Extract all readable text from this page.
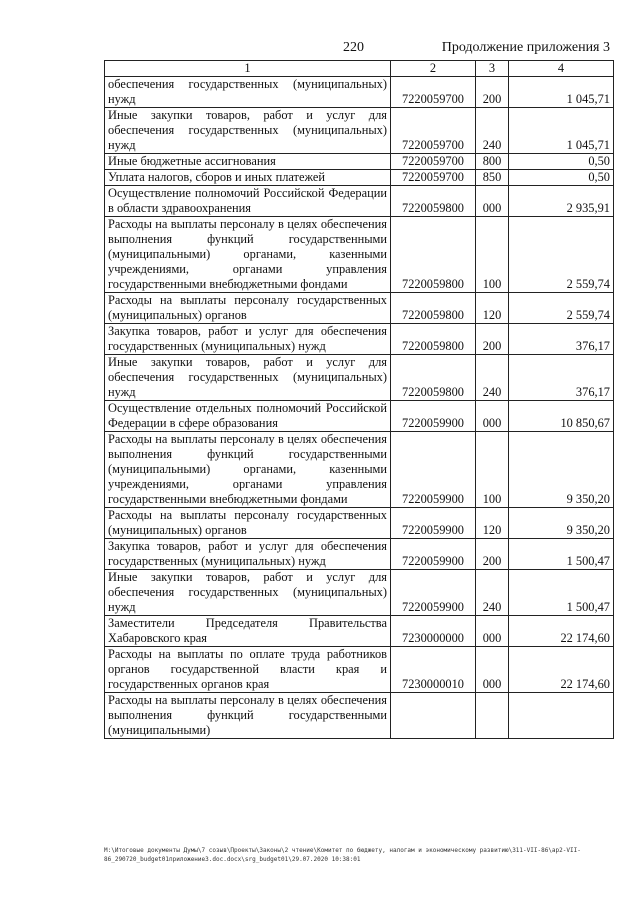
220	Продолжение приложения 3
1	2	3	4
обеспечения государственных (муниципальных) нужд	7220059700	200	1 045,71
Иные закупки товаров, работ и услуг для обеспечения государственных (муниципальных) нужд	7220059700	240	1 045,71
Иные бюджетные ассигнования	7220059700	800	0,50
Уплата налогов, сборов и иных платежей	7220059700	850	0,50
Осуществление полномочий Российской Федерации в области здравоохранения	7220059800	000	2 935,91
Расходы на выплаты персоналу в целях обеспечения выполнения функций государственными (муниципальными) органами, казенными учреждениями, органами управления государственными внебюджетными фондами	7220059800	100	2 559,74
Расходы на выплаты персоналу государственных (муниципальных) органов	7220059800	120	2 559,74
Закупка товаров, работ и услуг для обеспечения государственных (муниципальных) нужд	7220059800	200	376,17
Иные закупки товаров, работ и услуг для обеспечения государственных (муниципальных) нужд	7220059800	240	376,17
Осуществление отдельных полномочий Российской Федерации в сфере образования	7220059900	000	10 850,67
Расходы на выплаты персоналу в целях обеспечения выполнения функций государственными (муниципальными) органами, казенными учреждениями, органами управления государственными внебюджетными фондами	7220059900	100	9 350,20
Расходы на выплаты персоналу государственных (муниципальных) органов	7220059900	120	9 350,20
Закупка товаров, работ и услуг для обеспечения государственных (муниципальных) нужд	7220059900	200	1 500,47
Иные закупки товаров, работ и услуг для обеспечения государственных (муниципальных) нужд	7220059900	240	1 500,47
Заместители Председателя Правительства Хабаровского края	7230000000	000	22 174,60
Расходы на выплаты по оплате труда работников органов государственной власти края и государственных органов края	7230000010	000	22 174,60
Расходы на выплаты персоналу в целях обеспечения выполнения функций государственными (муниципальными)			
M:\Итоговые документы Думы\7 созыв\Проекты\Законы\2 чтение\Комитет по бюджету, налогам и экономическому развитию\311-VII-86\ap2-VII-86_290720_budget01приложение3.doc.docx\srg_budget01\29.07.2020 10:38:01
